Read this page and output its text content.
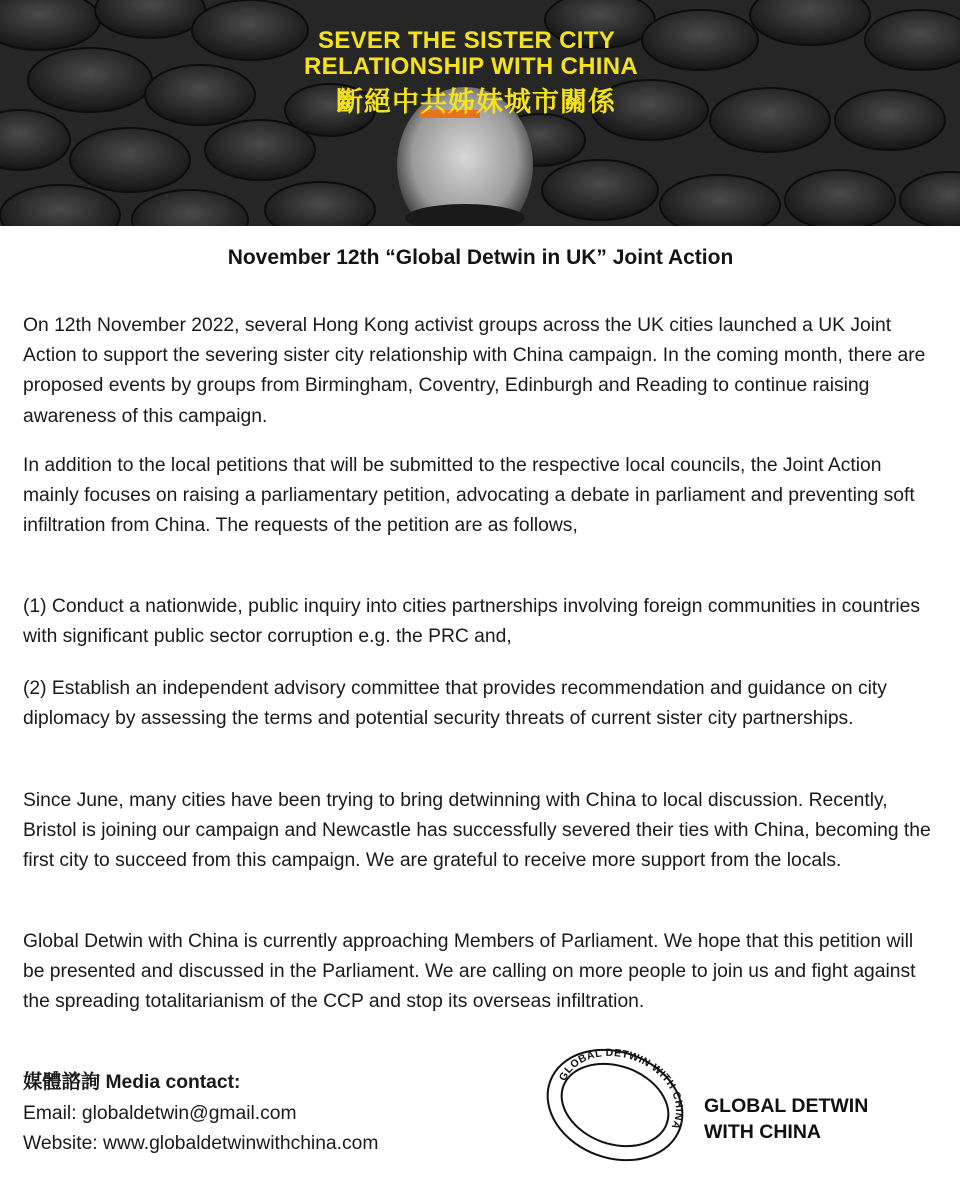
SEVER THE SISTER CITY
RELATIONSHIP WITH CHINA
斷絕中共姊妹城市關係
November 12th “Global Detwin in UK” Joint Action

On 12th November 2022, several Hong Kong activist groups across the UK cities launched a UK Joint Action to support the severing sister city relationship with China campaign. In the coming month, there are proposed events by groups from Birmingham, Coventry, Edinburgh and Reading to continue raising awareness of this campaign.

In addition to the local petitions that will be submitted to the respective local councils, the Joint Action mainly focuses on raising a parliamentary petition, advocating a debate in parliament and preventing soft infiltration from China. The requests of the petition are as follows,

(1) Conduct a nationwide, public inquiry into cities partnerships involving foreign communities in countries with significant public sector corruption e.g. the PRC and,

(2) Establish an independent advisory committee that provides recommendation and guidance on city diplomacy by assessing the terms and potential security threats of current sister city partnerships.

Since June, many cities have been trying to bring detwinning with China to local discussion. Recently, Bristol is joining our campaign and Newcastle has successfully severed their ties with China, becoming the first city to succeed from this campaign. We are grateful to receive more support from the locals.

Global Detwin with China is currently approaching Members of Parliament. We hope that this petition will be presented and discussed in the Parliament. We are calling on more people to join us and fight against the spreading totalitarianism of the CCP and stop its overseas infiltration.

媒體諮詢 Media contact:
Email: globaldetwin@gmail.com
Website: www.globaldetwinwithchina.com
GLOBAL DETWIN WITH CHINA
GLOBAL DETWIN
WITH CHINA
